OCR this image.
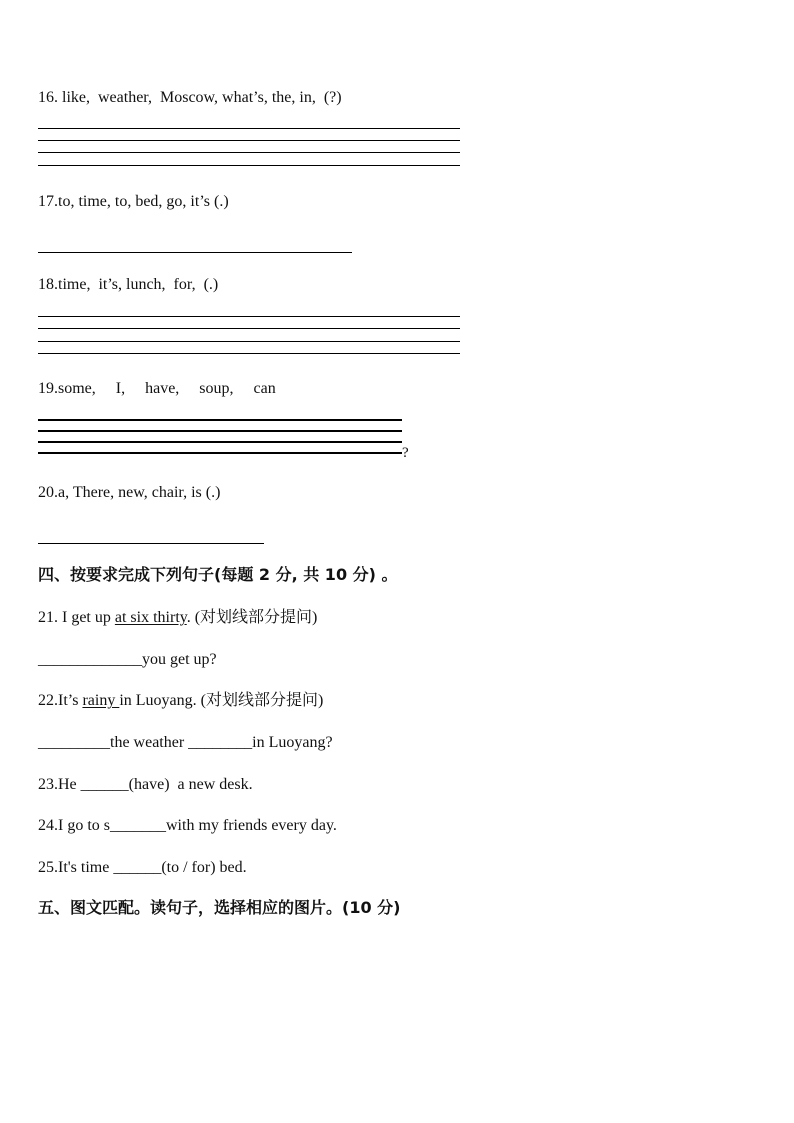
16. like,  weather,  Moscow, what’s, the, in,  (?)

17.to, time, to, bed, go, it’s (.)

18.time,  it’s, lunch,  for,  (.)

19.some,     I,     have,     soup,     can

?

20.a, There, new, chair, is (.)

四、按要求完成下列句子(每题 2 分, 共 10 分) 。

21. I get up at six thirty. (对划线部分提问)

_____________you get up?

22.It’s rainy in Luoyang. (对划线部分提问)

_________the weather ________in Luoyang?

23.He ______(have)  a new desk.

24.I go to s_______with my friends every day.

25.It's time ______(to / for) bed.

五、图文匹配。读句子，选择相应的图片。(10 分)
